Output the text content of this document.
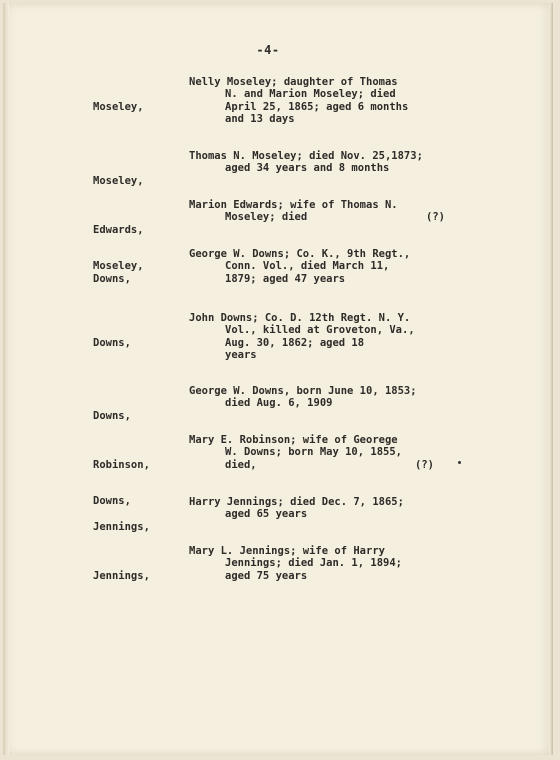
-4-

Moseley,

Nelly Moseley; daughter of Thomas
N. and Marion Moseley; died
April 25, 1865; aged 6 months
and 13 days

Moseley,

Thomas N. Moseley; died Nov. 25,1873;
aged 34 years and 8 months

Edwards,

Moseley,

Marion Edwards; wife of Thomas N.
Moseley; died	(?)

Downs,

George W. Downs; Co. K., 9th Regt.,
Conn. Vol., died March 11,
1879; aged 47 years

Downs,

John Downs; Co. D. 12th Regt. N. Y.
Vol., killed at Groveton, Va.,
Aug. 30, 1862; aged 18
years

Downs,

George W. Downs, born June 10, 1853;
died Aug. 6, 1909

Robinson,

Downs,

Mary E. Robinson; wife of Georege
W. Downs; born May 10, 1855,
died,	(?)

Jennings,

Harry Jennings; died Dec. 7, 1865;
aged 65 years

Jennings,

Mary L. Jennings; wife of Harry
Jennings; died Jan. 1, 1894;
aged 75 years
